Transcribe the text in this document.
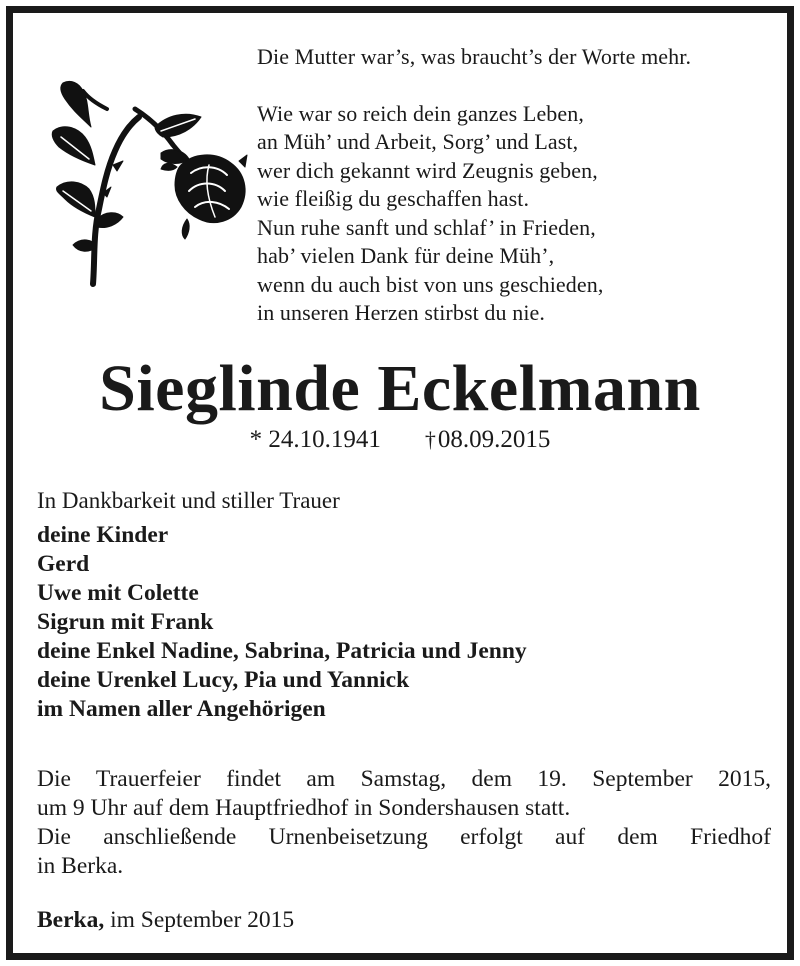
Die Mutter war’s, was braucht’s der Worte mehr.
Wie war so reich dein ganzes Leben,
an Müh’ und Arbeit, Sorg’ und Last,
wer dich gekannt wird Zeugnis geben,
wie fleißig du geschaffen hast.
Nun ruhe sanft und schlaf’ in Frieden,
hab’ vielen Dank für deine Müh’,
wenn du auch bist von uns geschieden,
in unseren Herzen stirbst du nie.
Sieglinde Eckelmann
* 24.10.1941 †08.09.2015
In Dankbarkeit und stiller Trauer
deine Kinder
Gerd
Uwe mit Colette
Sigrun mit Frank
deine Enkel Nadine, Sabrina, Patricia und Jenny
deine Urenkel Lucy, Pia und Yannick
im Namen aller Angehörigen
Die Trauerfeier findet am Samstag, dem 19. September 2015,
um 9 Uhr auf dem Hauptfriedhof in Sondershausen statt.
Die anschließende Urnenbeisetzung erfolgt auf dem Friedhof
in Berka.
Berka, im September 2015
